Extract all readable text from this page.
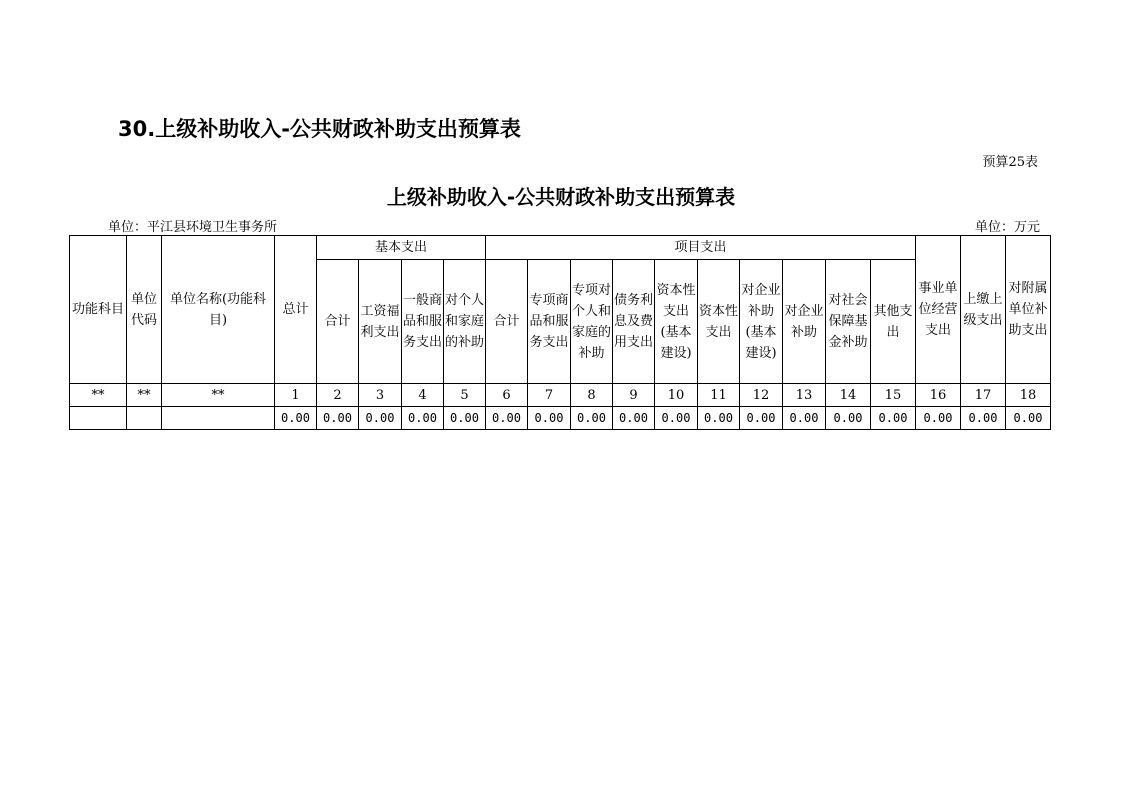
30.上级补助收入-公共财政补助支出预算表
预算25表
上级补助收入-公共财政补助支出预算表
单位：平江县环境卫生事务所	单位：万元
功能科目	单位代码	单位名称(功能科目)	总计	基本支出				项目支出										事业单位经营支出	上缴上级支出	对附属单位补助支出
				合计	工资福利支出	一般商品和服务支出	对个人和家庭的补助	合计	专项商品和服务支出	专项对个人和家庭的补助	债务利息及费用支出	资本性支出(基本建设)	资本性支出	对企业补助(基本建设)	对企业补助	对社会保障基金补助	其他支出			
**	**	**	1	2	3	4	5	6	7	8	9	10	11	12	13	14	15	16	17	18
			0.00	0.00	0.00	0.00	0.00	0.00	0.00	0.00	0.00	0.00	0.00	0.00	0.00	0.00	0.00	0.00	0.00	0.00
